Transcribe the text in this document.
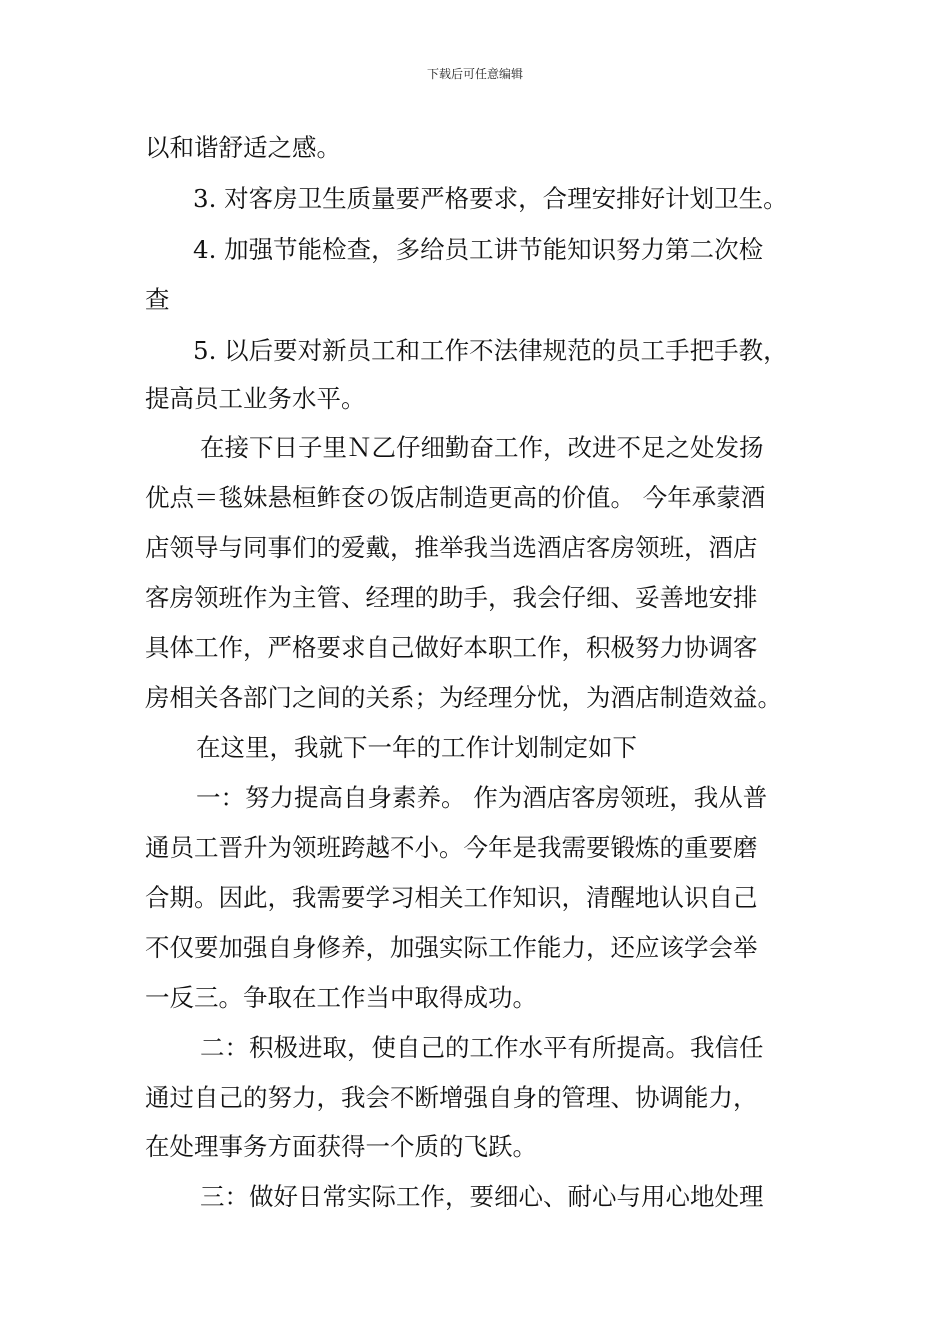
下载后可任意编辑
以和谐舒适之感。
3. 对客房卫生质量要严格要求，合理安排好计划卫生。
4. 加强节能检查，多给员工讲节能知识努力第二次检
查
5. 以后要对新员工和工作不法律规范的员工手把手教，
提高员工业务水平。
在接下日子里Ｎ乙仔细勤奋工作，改进不足之处发扬
优点＝毯妹悬桓鲊奁の饭店制造更高的价值。 今年承蒙酒
店领导与同事们的爱戴，推举我当选酒店客房领班，酒店
客房领班作为主管、经理的助手，我会仔细、妥善地安排
具体工作，严格要求自己做好本职工作，积极努力协调客
房相关各部门之间的关系；为经理分忧，为酒店制造效益。
在这里，我就下一年的工作计划制定如下
一：努力提高自身素养。 作为酒店客房领班，我从普
通员工晋升为领班跨越不小。今年是我需要锻炼的重要磨
合期。因此，我需要学习相关工作知识，清醒地认识自己
不仅要加强自身修养，加强实际工作能力，还应该学会举
一反三。争取在工作当中取得成功。
二：积极进取，使自己的工作水平有所提高。我信任
通过自己的努力，我会不断增强自身的管理、协调能力，
在处理事务方面获得一个质的飞跃。
三：做好日常实际工作，要细心、耐心与用心地处理
